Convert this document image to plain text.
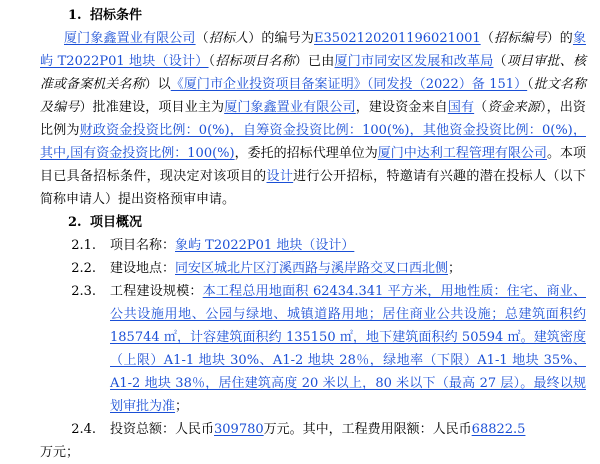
1. 招标条件
厦门象鑫置业有限公司（招标人）的编号为E3502120201196021001（招标编号）的象屿 T2022P01 地块（设计）（招标项目名称）已由厦门市同安区发展和改革局（项目审批、核准或备案机关名称）以《厦门市企业投资项目备案证明》（同发投（2022）备 151）（批文名称及编号）批准建设，项目业主为厦门象鑫置业有限公司，建设资金来自国有（资金来源），出资比例为财政资金投资比例：0(%)，自筹资金投资比例：100(%)，其他资金投资比例：0(%)，其中,国有资金投资比例：100(%)，委托的招标代理单位为厦门中达利工程管理有限公司。本项目已具备招标条件，现决定对该项目的设计进行公开招标，特邀请有兴趣的潜在投标人（以下简称申请人）提出资格预审申请。
2. 项目概况
2.1.	项目名称：象屿 T2022P01 地块（设计）
2.2.	建设地点：同安区城北片区汀溪西路与溪岸路交叉口西北侧；
2.3.	工程建设规模：本工程总用地面积 62434.341 平方米，用地性质：住宅、商业、公共设施用地、公园与绿地、城镇道路用地；居住商业公共设施；总建筑面积约 185744 ㎡，计容建筑面积约 135150 ㎡，地下建筑面积约 50594 ㎡。建筑密度（上限）A1-1 地块 30%、A1-2 地块 28％，绿地率（下限）A1-1 地块 35%、A1-2 地块 38％，居住建筑高度 20 米以上，80 米以下（最高 27 层）。最终以规划审批为准；
2.4.	投资总额：人民币309780万元。其中，工程费用限额：人民币68822.5
万元；
